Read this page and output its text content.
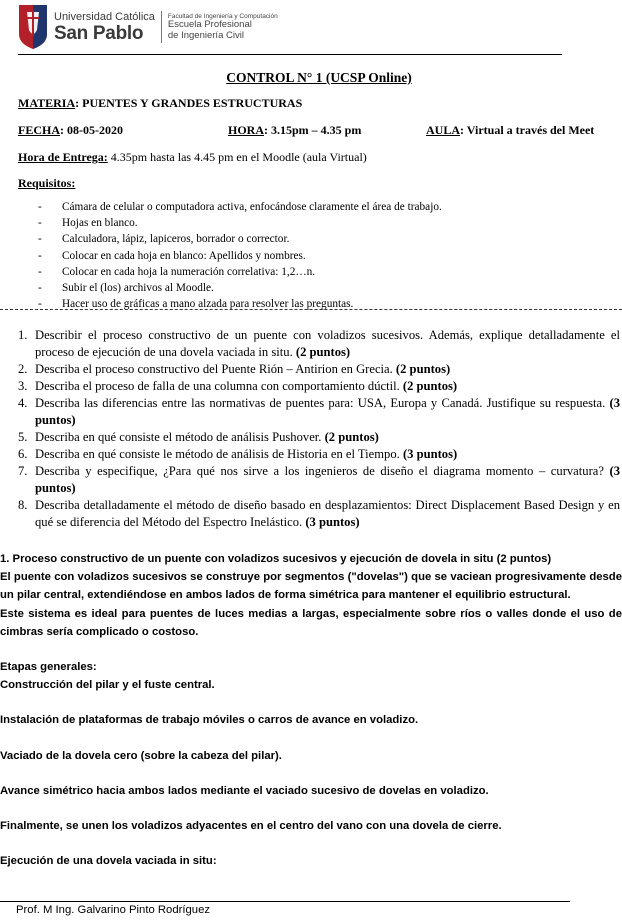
Universidad Católica
San Pablo
Facultad de Ingeniería y Computación
Escuela Profesional
de Ingeniería Civil
CONTROL N° 1 (UCSP Online)
MATERIA: PUENTES Y GRANDES ESTRUCTURAS
FECHA: 08-05-2020	HORA: 3.15pm – 4.35 pm	AULA: Virtual a través del Meet
Hora de Entrega: 4.35pm hasta las 4.45 pm en el Moodle (aula Virtual)
Requisitos:
-	Cámara de celular o computadora activa, enfocándose claramente el área de trabajo.
-	Hojas en blanco.
-	Calculadora, lápiz, lapiceros, borrador o corrector.
-	Colocar en cada hoja en blanco: Apellidos y nombres.
-	Colocar en cada hoja la numeración correlativa: 1,2…n.
-	Subir el (los) archivos al Moodle.
-	Hacer uso de gráficas a mano alzada para resolver las preguntas.
1. Describir el proceso constructivo de un puente con voladizos sucesivos. Además, explique detalladamente el proceso de ejecución de una dovela vaciada in situ. (2 puntos)
2. Describa el proceso constructivo del Puente Rión – Antirion en Grecia. (2 puntos)
3. Describa el proceso de falla de una columna con comportamiento dúctil. (2 puntos)
4. Describa las diferencias entre las normativas de puentes para: USA, Europa y Canadá. Justifique su respuesta. (3 puntos)
5. Describa en qué consiste el método de análisis Pushover. (2 puntos)
6. Describa en qué consiste le método de análisis de Historia en el Tiempo. (3 puntos)
7. Describa y especifique, ¿Para qué nos sirve a los ingenieros de diseño el diagrama momento – curvatura? (3 puntos)
8. Describa detalladamente el método de diseño basado en desplazamientos: Direct Displacement Based Design y en qué se diferencia del Método del Espectro Inelástico. (3 puntos)

1. Proceso constructivo de un puente con voladizos sucesivos y ejecución de dovela in situ (2 puntos)

El puente con voladizos sucesivos se construye por segmentos ("dovelas") que se vaciean progresivamente desde un pilar central, extendiéndose en ambos lados de forma simétrica para mantener el equilibrio estructural.

Este sistema es ideal para puentes de luces medias a largas, especialmente sobre ríos o valles donde el uso de cimbras sería complicado o costoso.

Etapas generales:

Construcción del pilar y el fuste central.

Instalación de plataformas de trabajo móviles o carros de avance en voladizo.

Vaciado de la dovela cero (sobre la cabeza del pilar).

Avance simétrico hacia ambos lados mediante el vaciado sucesivo de dovelas en voladizo.

Finalmente, se unen los voladizos adyacentes en el centro del vano con una dovela de cierre.

Ejecución de una dovela vaciada in situ:

Prof. M Ing. Galvarino Pinto Rodríguez
